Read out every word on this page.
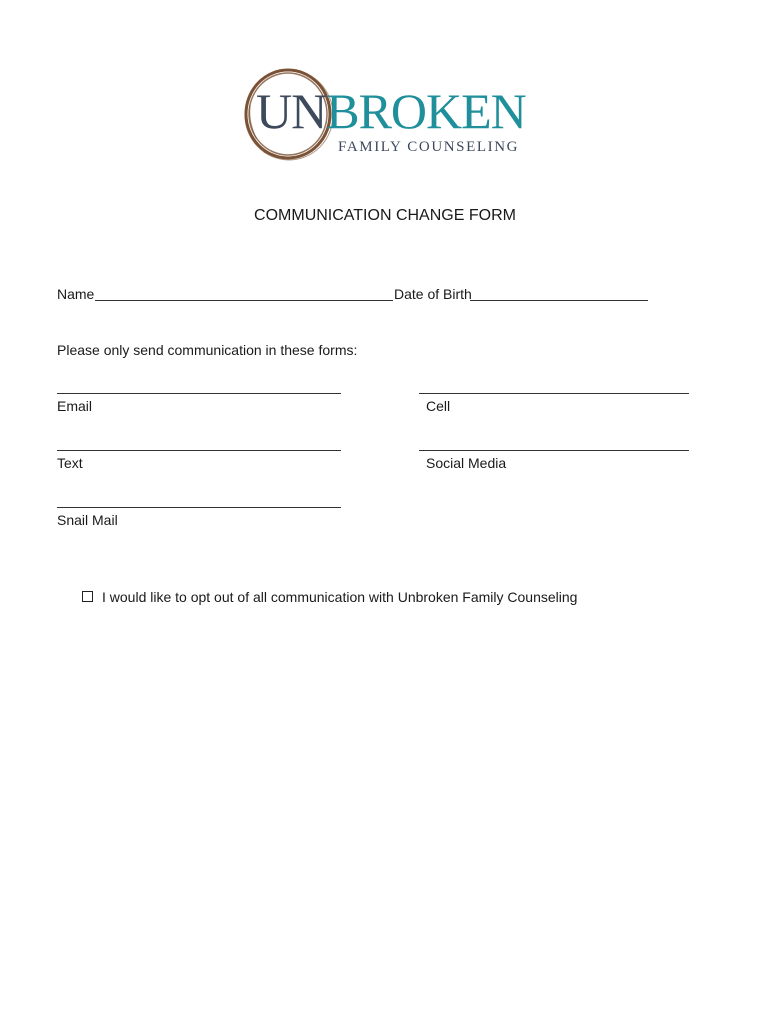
UNBROKEN
FAMILY COUNSELING
COMMUNICATION CHANGE FORM
Name	Date of Birth
Please only send communication in these forms:
Email	Cell
Text	Social Media
Snail Mail
I would like to opt out of all communication with Unbroken Family Counseling
